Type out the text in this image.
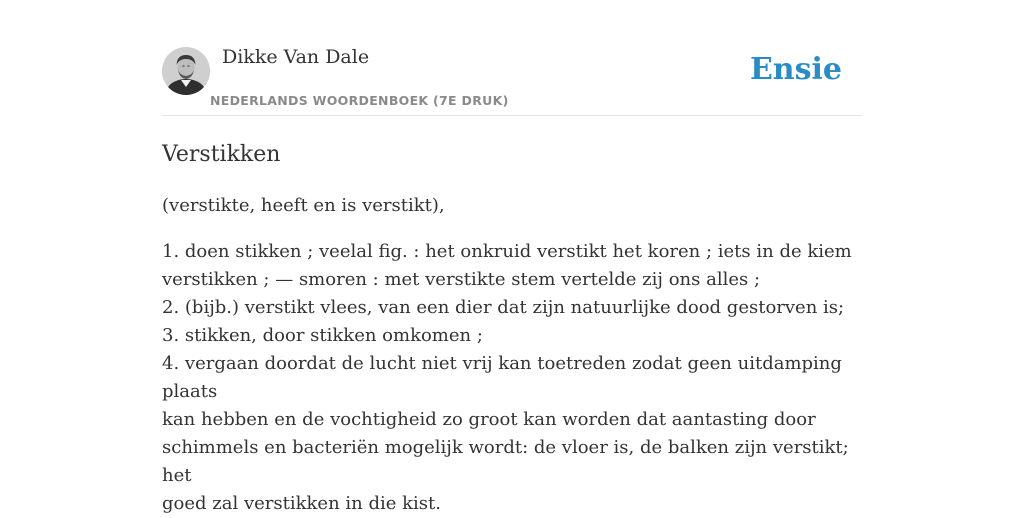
Dikke Van Dale
NEDERLANDS WOORDENBOEK (7E DRUK)
Ensie
Verstikken

(verstikte, heeft en is verstikt),

1. doen stikken ; veelal fig. : het onkruid verstikt het koren ; iets in de kiem
verstikken ; — smoren : met verstikte stem vertelde zij ons alles ;
2. (bijb.) verstikt vlees, van een dier dat zijn natuurlijke dood gestorven is;
3. stikken, door stikken omkomen ;
4. vergaan doordat de lucht niet vrij kan toetreden zodat geen uitdamping plaats
kan hebben en de vochtigheid zo groot kan worden dat aantasting door
schimmels en bacteriën mogelijk wordt: de vloer is, de balken zijn verstikt; het
goed zal verstikken in die kist.
